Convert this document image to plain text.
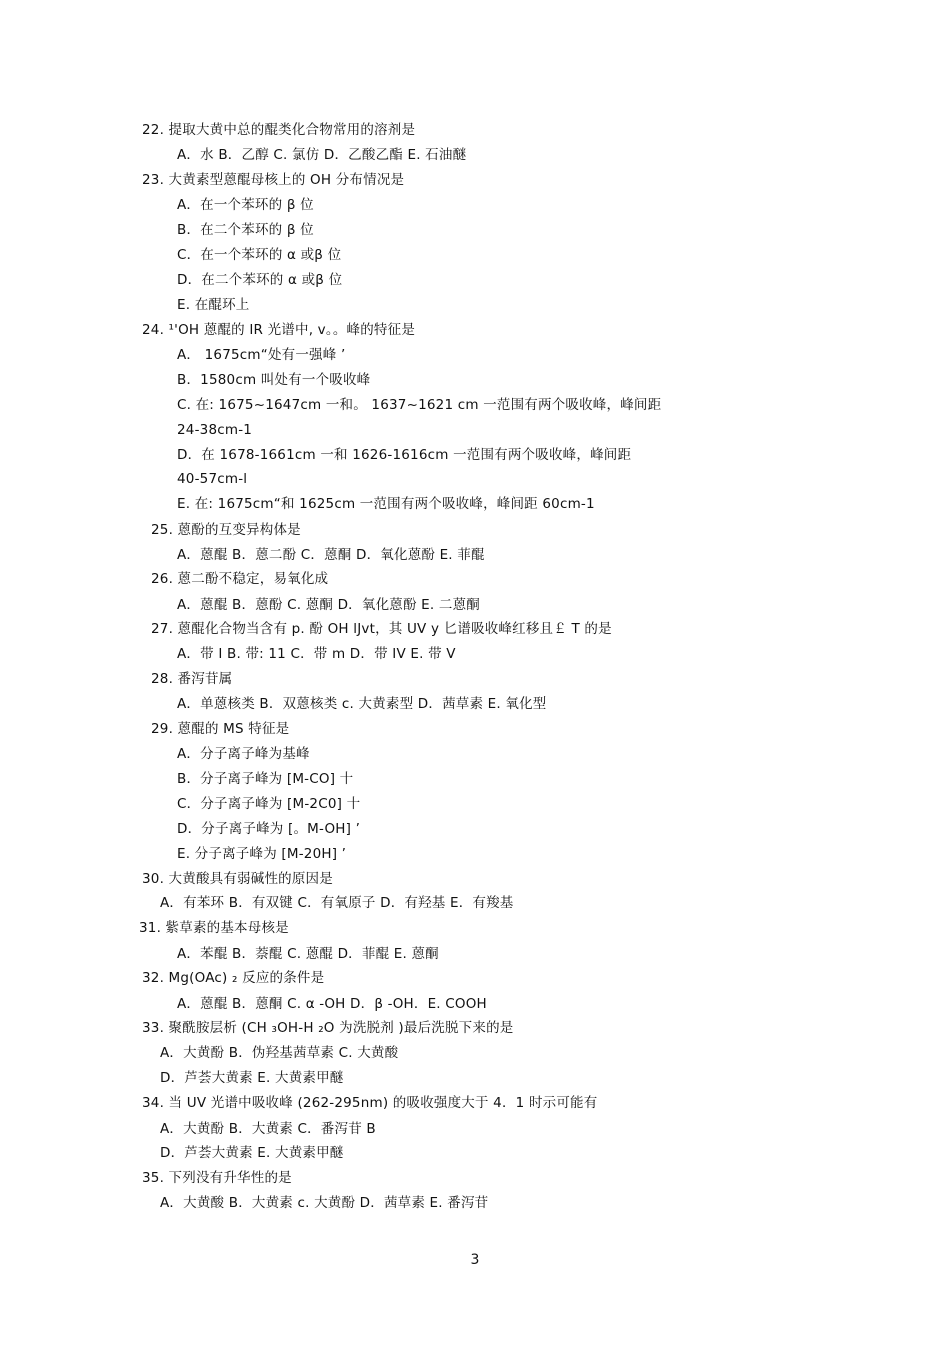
22. 提取大黄中总的醌类化合物常用的溶剂是
A．水 B．乙醇 C. 氯仿 D．乙酸乙酯 E. 石油醚
23. 大黄素型蒽醌母核上的 OH 分布情况是
A．在一个苯环的 β 位
B．在二个苯环的 β 位
C．在一个苯环的 α 或β 位
D．在二个苯环的 α 或β 位
E. 在醌环上
24. ¹'OH 蒽醌的 IR 光谱中, v。。峰的特征是
A． 1675cm“处有一强峰 ’
B．1580cm 叫处有一个吸收峰
C. 在: 1675~1647cm 一和。 1637~1621 cm 一范围有两个吸收峰，峰间距
24-38cm-1
D．在 1678-1661cm 一和 1626-1616cm 一范围有两个吸收峰，峰间距
40-57cm-l
E. 在: 1675cm“和 1625cm 一范围有两个吸收峰，峰间距 60cm-1
25. 蒽酚的互变异构体是
A．蒽醌 B．蒽二酚 C．蒽酮 D．氧化蒽酚 E. 菲醌
26. 蒽二酚不稳定，易氧化成
A．蒽醌 B．蒽酚 C. 蒽酮 D．氧化蒽酚 E. 二蒽酮
27. 蒽醌化合物当含有 p. 酚 OH lJvt，其 UV y 匕谱吸收峰红移且￡ T 的是
A．带 I B. 带: 11 C．带 m D．带 IV E. 带 V
28. 番泻苷属
A．单蒽核类 B．双蒽核类 c. 大黄素型 D．茜草素 E. 氧化型
29. 蒽醌的 MS 特征是
A．分子离子峰为基峰
B．分子离子峰为 [M-CO] 十
C．分子离子峰为 [M-2C0] 十
D．分子离子峰为 [。M-OH] ’
E. 分子离子峰为 [M-20H] ’
30. 大黄酸具有弱碱性的原因是
A．有苯环 B．有双键 C．有氧原子 D．有羟基 E．有羧基
31. 紫草素的基本母核是
A．苯醌 B．萘醌 C. 蒽醌 D．菲醌 E. 蒽酮
32. Mg(OAc) ₂ 反应的条件是
A．蒽醌 B．蒽酮 C. α -OH D．β -OH．E. COOH
33. 聚酰胺层析 (CH ₃OH-H ₂O 为洗脱剂 )最后洗脱下来的是
A．大黄酚 B．伪羟基茜草素 C. 大黄酸
D．芦荟大黄素 E. 大黄素甲醚
34. 当 UV 光谱中吸收峰 (262-295nm) 的吸收强度大于 4．1 时示可能有
A．大黄酚 B．大黄素 C．番泻苷 B
D．芦荟大黄素 E. 大黄素甲醚
35. 下列没有升华性的是
A．大黄酸 B．大黄素 c. 大黄酚 D．茜草素 E. 番泻苷
3
